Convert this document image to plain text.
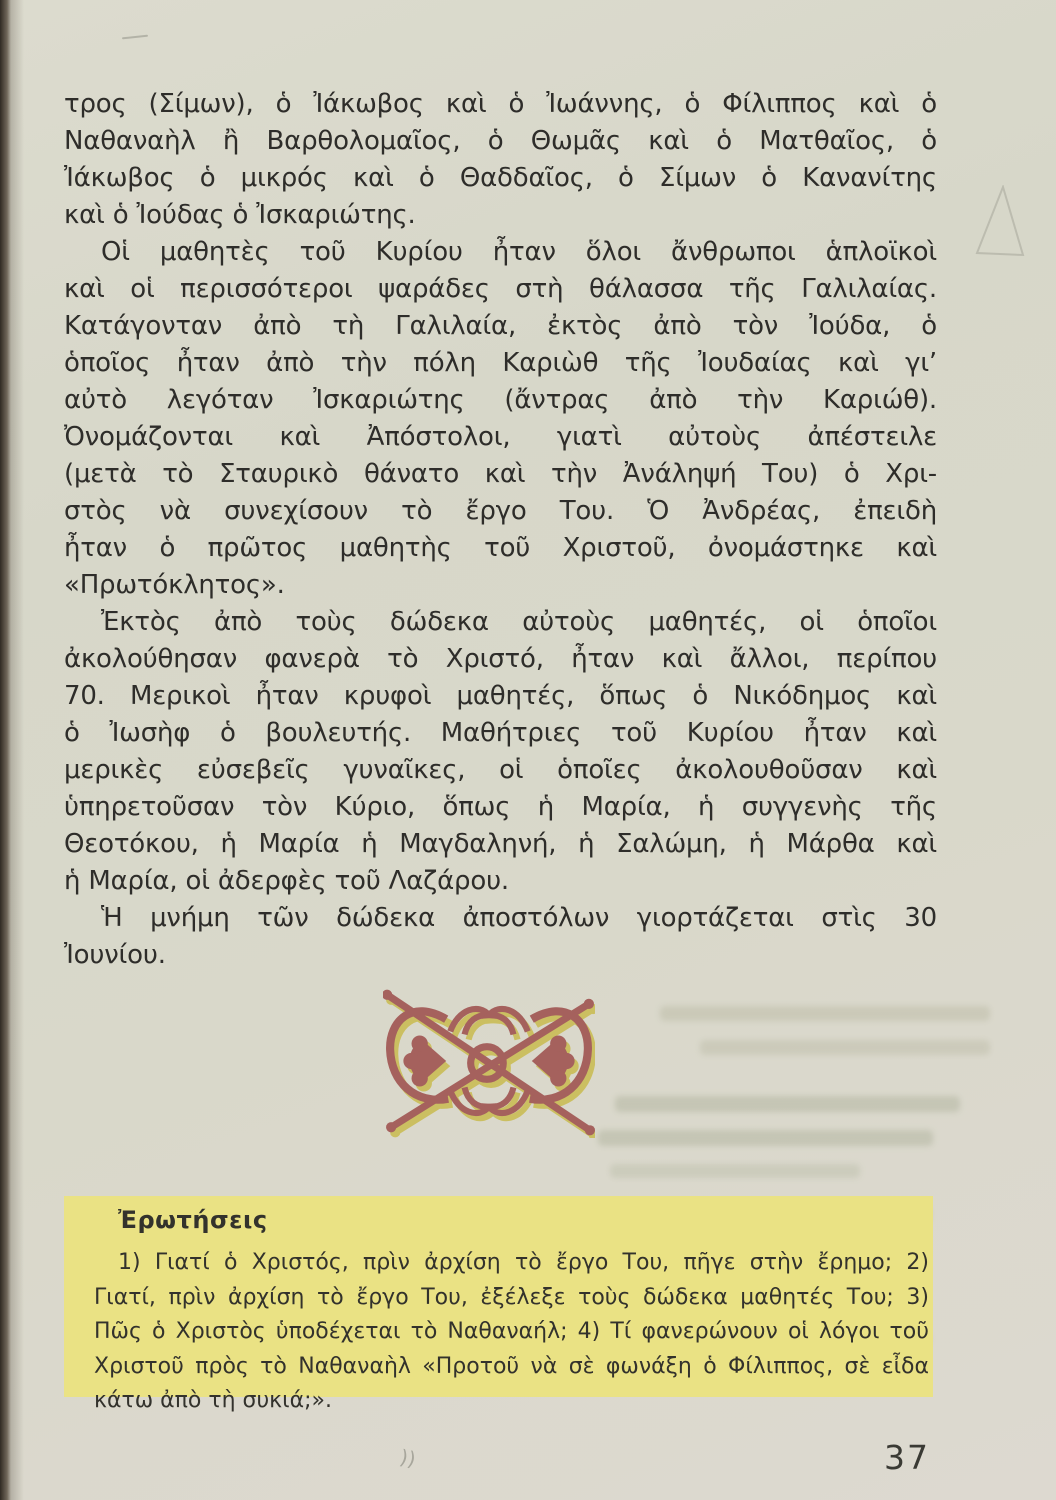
τρος (Σίμων), ὁ Ἰάκωβος καὶ ὁ Ἰωάννης, ὁ Φίλιππος καὶ ὁ
Ναθαναὴλ ἢ Βαρθολομαῖος, ὁ Θωμᾶς καὶ ὁ Ματθαῖος, ὁ
Ἰάκωβος ὁ μικρός καὶ ὁ Θαδδαῖος, ὁ Σίμων ὁ Κανανίτης
καὶ ὁ Ἰούδας ὁ Ἰσκαριώτης.

Οἱ μαθητὲς τοῦ Κυρίου ἦταν ὅλοι ἄνθρωποι ἁπλοϊκοὶ
καὶ οἱ περισσότεροι ψαράδες στὴ θάλασσα τῆς Γαλιλαίας.
Κατάγονταν ἀπὸ τὴ Γαλιλαία, ἐκτὸς ἀπὸ τὸν Ἰούδα, ὁ
ὁποῖος ἦταν ἀπὸ τὴν πόλη Καριὼθ τῆς Ἰουδαίας καὶ γι’
αὐτὸ λεγόταν Ἰσκαριώτης (ἄντρας ἀπὸ τὴν Καριώθ).
Ὀνομάζονται καὶ Ἀπόστολοι, γιατὶ αὐτοὺς ἀπέστειλε
(μετὰ τὸ Σταυρικὸ θάνατο καὶ τὴν Ἀνάληψή Του) ὁ Χρι-
στὸς νὰ συνεχίσουν τὸ ἔργο Του. Ὁ Ἀνδρέας, ἐπειδὴ
ἦταν ὁ πρῶτος μαθητὴς τοῦ Χριστοῦ, ὀνομάστηκε καὶ
«Πρωτόκλητος».

Ἐκτὸς ἀπὸ τοὺς δώδεκα αὐτοὺς μαθητές, οἱ ὁποῖοι
ἀκολούθησαν φανερὰ τὸ Χριστό, ἦταν καὶ ἄλλοι, περίπου
70. Μερικοὶ ἦταν κρυφοὶ μαθητές, ὅπως ὁ Νικόδημος καὶ
ὁ Ἰωσὴφ ὁ βουλευτής. Μαθήτριες τοῦ Κυρίου ἦταν καὶ
μερικὲς εὐσεβεῖς γυναῖκες, οἱ ὁποῖες ἀκολουθοῦσαν καὶ
ὑπηρετοῦσαν τὸν Κύριο, ὅπως ἡ Μαρία, ἡ συγγενὴς τῆς
Θεοτόκου, ἡ Μαρία ἡ Μαγδαληνή, ἡ Σαλώμη, ἡ Μάρθα καὶ
ἡ Μαρία, οἱ ἀδερφὲς τοῦ Λαζάρου.

Ἡ μνήμη τῶν δώδεκα ἀποστόλων γιορτάζεται στὶς 30
Ἰουνίου.

Ἐρωτήσεις
1) Γιατί ὁ Χριστός, πρὶν ἀρχίση τὸ ἔργο Του, πῆγε στὴν ἔρημο; 2)
Γιατί, πρὶν ἀρχίση τὸ ἔργο Του, ἐξέλεξε τοὺς δώδεκα μαθητές Του; 3)
Πῶς ὁ Χριστὸς ὑποδέχεται τὸ Ναθαναήλ; 4) Τί φανερώνουν οἱ λόγοι τοῦ
Χριστοῦ πρὸς τὸ Ναθαναὴλ «Προτοῦ νὰ σὲ φωνάξη ὁ Φίλιππος, σὲ εἶδα
κάτω ἀπὸ τὴ συκιά;».
))	37
